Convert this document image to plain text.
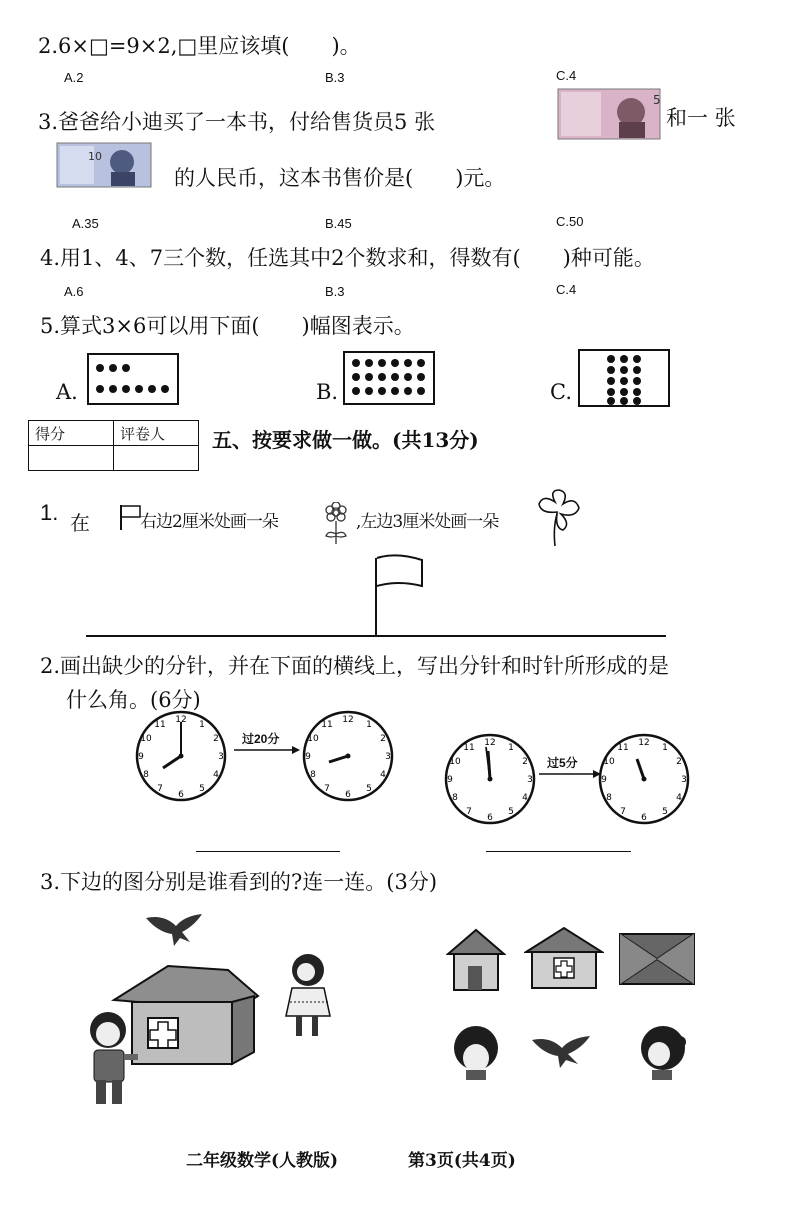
2.6×□=9×2,□里应该填(　　)。
A.2	B.3	C.4
3.爸爸给小迪买了一本书，付给售货员5 张
5
和一 张
10
的人民币，这本书售价是(　　)元。
A.35	B.45	C.50
4.用1、4、7三个数，任选其中2个数求和，得数有(　　)种可能。
A.6	B.3	C.4
5.算式3×6可以用下面(　　)幅图表示。
A.	B.	C.
得分	评卷人
	五、按要求做一做。(共13分)
1. 在	右边2厘米处画一朵	,左边3厘米处画一朵
2.画出缺少的分针，并在下面的横线上，写出分针和时针所形成的是
什么角。(6分)
12 1
2
3
4
5
6
7
8
9
10
11
过20分
12 1
2
3
4
5
6
7
8
9
10
11
12 1
2
3
4
5
6
7
8
9
10
11
过5分
12 1
2
3
4
5
6
7
8
9
10
11
3.下边的图分别是谁看到的?连一连。(3分)
二年级数学(人教版)	第3页(共4页)
